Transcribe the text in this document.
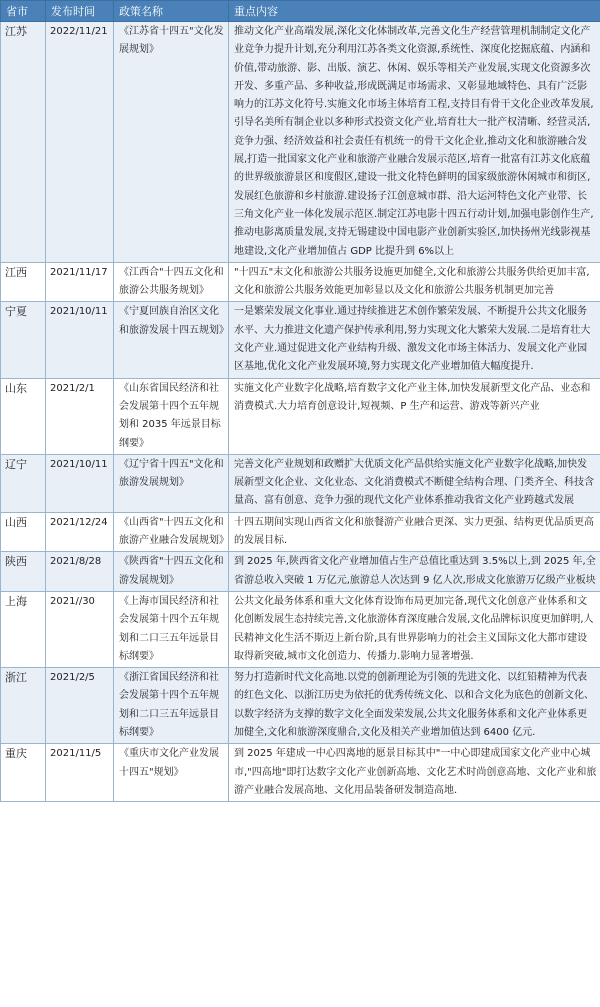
省市	发布时间	政策名称	重点内容
江苏	2022/11/21	《江苏省十四五"文化发展规划》	推动文化产业高端发展,深化文化体制改革,完善文化生产经营管理机制制定文化产业竞争力提升计划,充分利用江苏各类文化资源,系统性、深度化挖掘底蕴、内涵和价值,带动旅游、影、出版、演艺、休闲、娱乐等相关产业发展,实现文化资源多次开发、多重产品、多种收益,形成既满足市场需求、又彰显地域特色、具有广泛影响力的江苏文化符号.实施文化市场主体培育工程,支持目有骨干文化企业改革发展,引导名美所有制企业以多种形式投资文化产业,培育壮大一批产权清晰、经营灵活,竞争力强、经济效益和社会责任有机统一的骨干文化企业,推动文化和旅游融合发展,打造一批国家文化产业和旅游产业融合发展示范区,培育一批富有江苏文化底蕴的世界级旅游景区和度假区,建设一批文化特色鲜明的国家级旅游休闲城市和街区,发展红色旅游和乡村旅游.建设扬子江创意城市群、沿大运河特色文化产业带、长三角文化产业一体化发展示范区.制定江苏电影十四五行动计划,加强电影创作生产,推动电影离质量发展,支持无锡建设中国电影产业创新实验区,加快扬州光线影视基地建设,文化产业增加值占 GDP 比提升到 6%以上
江西	2021/11/17	《江西合"十四五文化和旅游公共服务规划》	"十四五"末文化和旅游公共服务设施更加健全,文化和旅游公共服务供给更加丰富,文化和旅游公共服务效能更加彰显以及文化和旅游公共服务机制更加完善
宁夏	2021/10/11	《宁夏回族自治区文化和旅游发展十四五规划》	一是繁荣发展文化事业.通过持续推进艺术创作繁荣发展、不断提升公共文化服务水平、大力推进文化遗产保护传承利用,努力实现文化大繁荣大发展.二是培育壮大文化产业.通过促进文化产业结构升级、激发文化市场主体活力、发展文化产业园区基地,优化文化产业发展环境,努力实现文化产业增加值大幅度提升.
山东	2021/2/1	《山东省国民经济和社会发展第十四个五年规划和 2035 年远景目标纲要》	实施文化产业数字化战略,培育数字文化产业主体,加快发展新型文化产品、业态和消费模式.大力培育创意设计,短视频、P 生产和运营、游戏等新兴产业
辽宁	2021/10/11	《辽宁省十四五"文化和旅游发展规划》	完善文化产业规划和政赠扩大优质文化产品供给实施文化产业数字化战略,加快发展新型文化企业、文化业态、文化消费模式不断健全结构合理、门类齐全、科技含量高、富有创意、竞争力强的现代文化产业体系推动我省文化产业跨越式发展
山西	2021/12/24	《山西省"十四五文化和旅游产业融合发展规划》	十四五期间实现山西省文化和旅餐游产业融合更深、实力更强、结构更优品质更高的发展目标.
陕西	2021/8/28	《陕西省"十四五文化和游发展规划》	到 2025 年,陕西省文化产业增加值占生产总值比重达到 3.5%以上,到 2025 年,全省游总收入突破 1 万亿元,旅游总人次达到 9 亿人次,形成文化旅游万亿级产业板块
上海	2021//30	《上海市国民经济和社会发展第十四个五年规划和二口三五年远景目标纲要》	公共文化最务体系和重大文化体育设饰布局更加完备,现代文化创意产业体系和文化创断发展生态持续完善,文化旅游体育深度融合发展,文化品牌标识度更加鲜明,人民精神文化生活不斯迈上新台阶,具有世界影响力的社会主义国际文化大都市建设取得新突破,城市文化创造力、传播力.影响力显著增强.
浙江	2021/2/5	《浙江省国民经济和社会发展第十四个五年规划和二口三五年远景目标纲要》	努力打造新时代文化高地.以党的创新理论为引领的先进文化、以红铅精神为代表的红色文化、以浙江历史为依托的优秀传统文化、以和合文化为底色的创新文化、以数字经济为支撑的数字文化全面发荣发展,公共文化服务体系和文化产业体系更加健全,文化和旅游深度鼎合,文化及相关产业增加值达到 6400 亿元.
重庆	2021/11/5	《重庆市文化产业发展十四五"规划》	到 2025 年建成一中心四离地的愿景目标其中"一中心即建成国家文化产业中心城市,"四高地"即打达数字文化产业创新高地、文化艺术时尚创意高地、文化产业和旅游产业融合发展高地、文化用品装备研发制造高地.
